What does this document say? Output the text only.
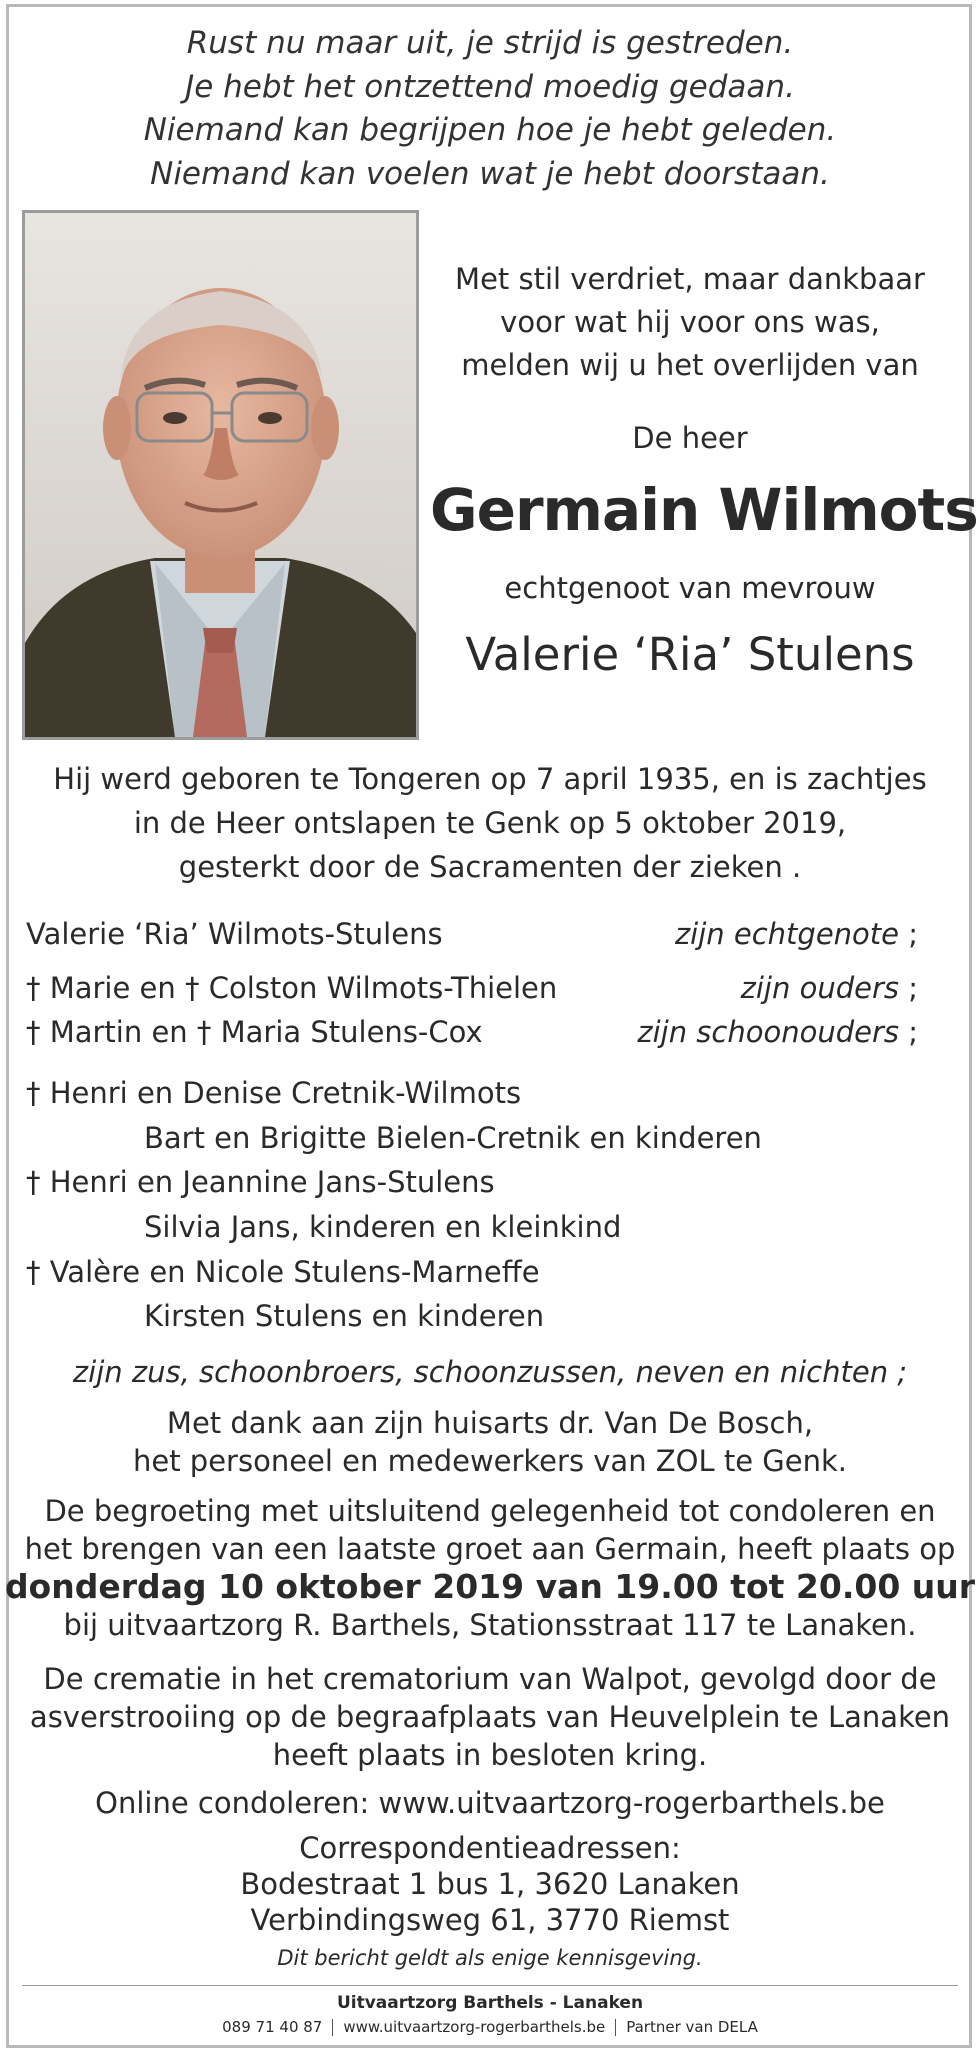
Rust nu maar uit, je strijd is gestreden.
Je hebt het ontzettend moedig gedaan.
Niemand kan begrijpen hoe je hebt geleden.
Niemand kan voelen wat je hebt doorstaan.
Met stil verdriet, maar dankbaar
voor wat hij voor ons was,
melden wij u het overlijden van
De heer
Germain Wilmots
echtgenoot van mevrouw
Valerie ‘Ria’ Stulens
Hij werd geboren te Tongeren op 7 april 1935, en is zachtjes
in de Heer ontslapen te Genk op 5 oktober 2019,
gesterkt door de Sacramenten der zieken .
Valerie ‘Ria’ Wilmots-Stulens	zijn echtgenote ;
† Marie en † Colston Wilmots-Thielen	zijn ouders ;
† Martin en † Maria Stulens-Cox	zijn schoonouders ;
† Henri en Denise Cretnik-Wilmots
Bart en Brigitte Bielen-Cretnik en kinderen
† Henri en Jeannine Jans-Stulens
Silvia Jans, kinderen en kleinkind
† Valère en Nicole Stulens-Marneffe
Kirsten Stulens en kinderen
zijn zus, schoonbroers, schoonzussen, neven en nichten ;
Met dank aan zijn huisarts dr. Van De Bosch,
het personeel en medewerkers van ZOL te Genk.
De begroeting met uitsluitend gelegenheid tot condoleren en
het brengen van een laatste groet aan Germain, heeft plaats op
donderdag 10 oktober 2019 van 19.00 tot 20.00 uur
bij uitvaartzorg R. Barthels, Stationsstraat 117 te Lanaken.
De crematie in het crematorium van Walpot, gevolgd door de
asverstrooiing op de begraafplaats van Heuvelplein te Lanaken
heeft plaats in besloten kring.
Online condoleren: www.uitvaartzorg-rogerbarthels.be
Correspondentieadressen:
Bodestraat 1 bus 1, 3620 Lanaken
Verbindingsweg 61, 3770 Riemst
Dit bericht geldt als enige kennisgeving.
Uitvaartzorg Barthels - Lanaken
089 71 40 87 www.uitvaartzorg-rogerbarthels.be Partner van DELA
